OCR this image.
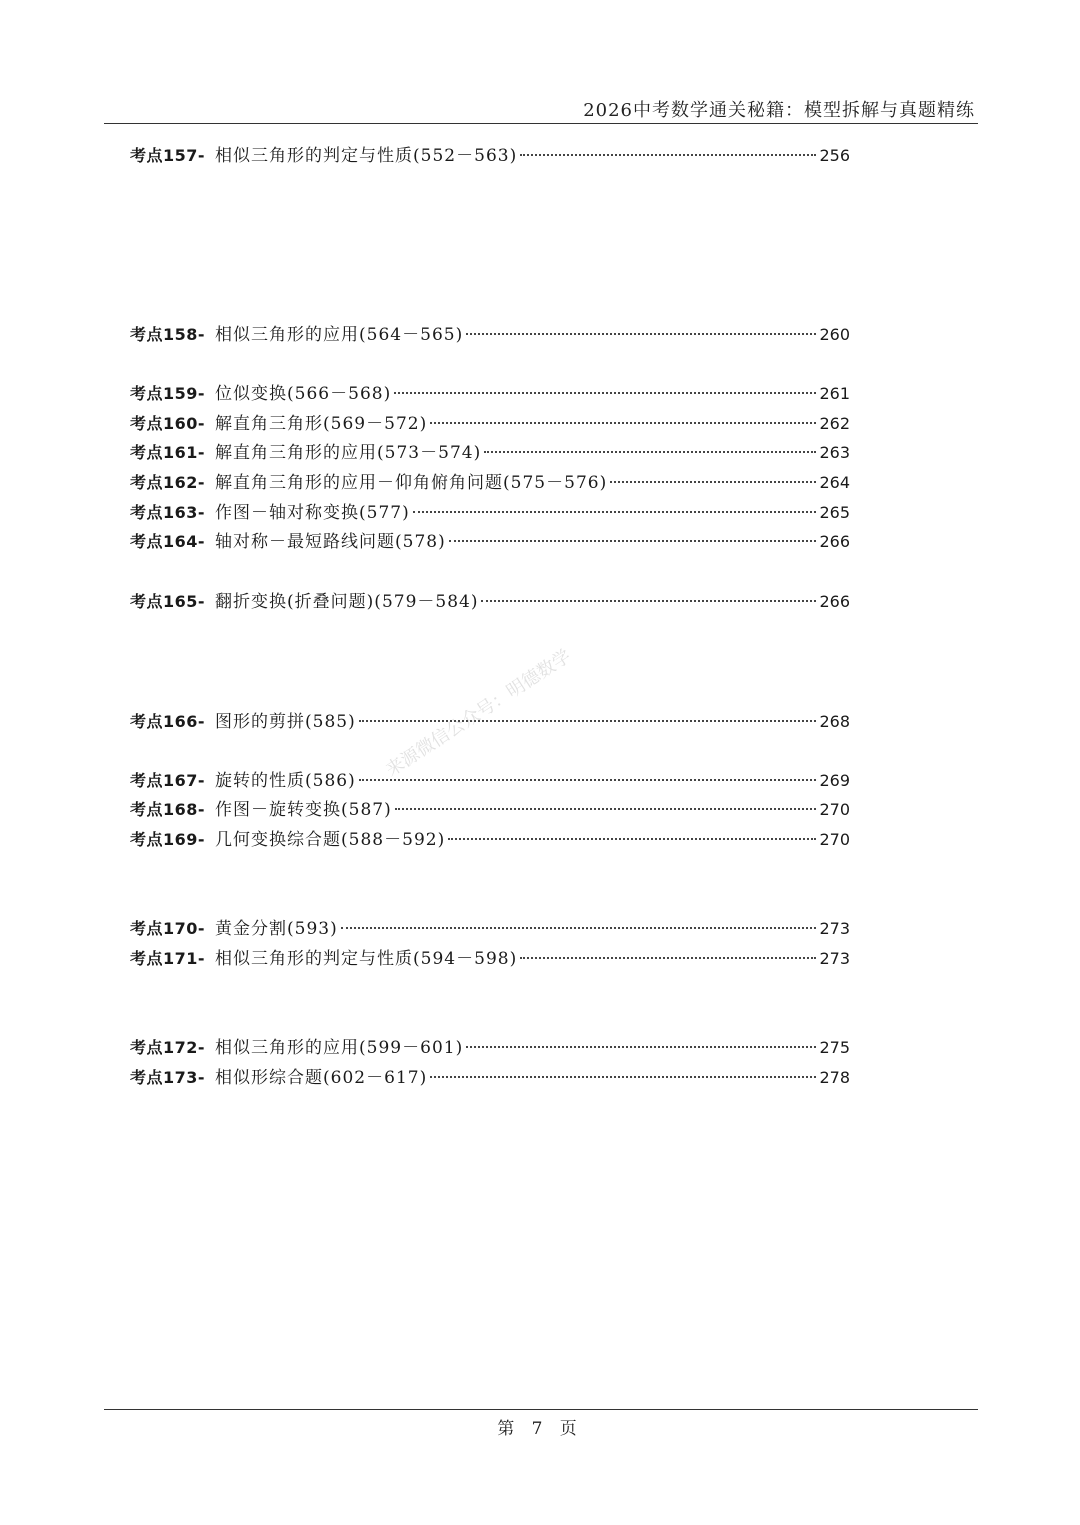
2026中考数学通关秘籍：模型拆解与真题精练
考点157- 相似三角形的判定与性质(552－563)	256
考点158- 相似三角形的应用(564－565)	260
考点159- 位似变换(566－568)	261
考点160- 解直角三角形(569－572)	262
考点161- 解直角三角形的应用(573－574)	263
考点162- 解直角三角形的应用－仰角俯角问题(575－576)	264
考点163- 作图－轴对称变换(577)	265
考点164- 轴对称－最短路线问题(578)	266
考点165- 翻折变换(折叠问题)(579－584)	266
考点166- 图形的剪拼(585)	268
考点167- 旋转的性质(586)	269
考点168- 作图－旋转变换(587)	270
考点169- 几何变换综合题(588－592)	270
考点170- 黄金分割(593)	273
考点171- 相似三角形的判定与性质(594－598)	273
考点172- 相似三角形的应用(599－601)	275
考点173- 相似形综合题(602－617)	278
来源微信公众号：明德数学
第 7 页
